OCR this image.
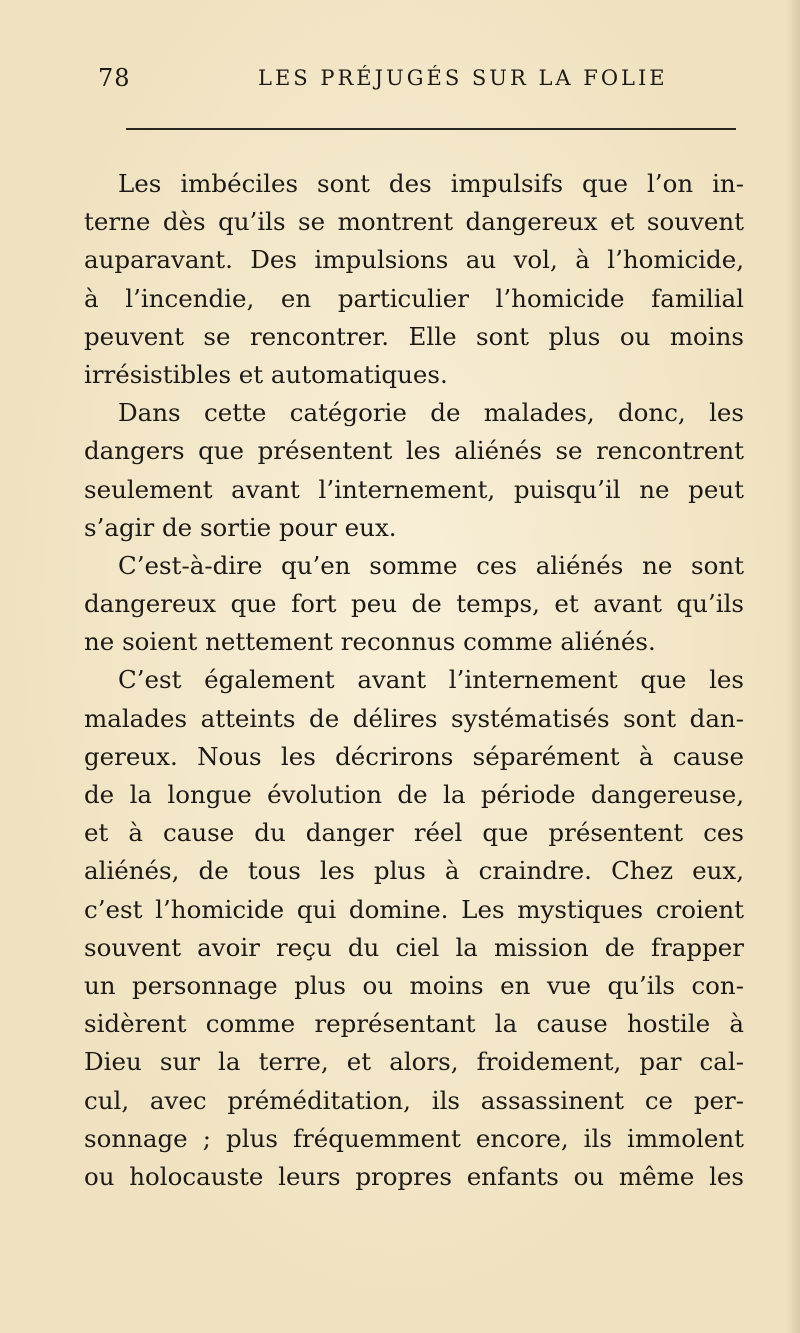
78	LES PRÉJUGÉS SUR LA FOLIE
Les imbéciles sont des impulsifs que l’on in-
terne dès qu’ils se montrent dangereux et souvent
auparavant. Des impulsions au vol, à l’homicide,
à l’incendie, en particulier l’homicide familial
peuvent se rencontrer. Elle sont plus ou moins
irrésistibles et automatiques.
Dans cette catégorie de malades, donc, les
dangers que présentent les aliénés se rencontrent
seulement avant l’internement, puisqu’il ne peut
s’agir de sortie pour eux.
C’est-à-dire qu’en somme ces aliénés ne sont
dangereux que fort peu de temps, et avant qu’ils
ne soient nettement reconnus comme aliénés.
C’est également avant l’internement que les
malades atteints de délires systématisés sont dan-
gereux. Nous les décrirons séparément à cause
de la longue évolution de la période dangereuse,
et à cause du danger réel que présentent ces
aliénés, de tous les plus à craindre. Chez eux,
c’est l’homicide qui domine. Les mystiques croient
souvent avoir reçu du ciel la mission de frapper
un personnage plus ou moins en vue qu’ils con-
sidèrent comme représentant la cause hostile à
Dieu sur la terre, et alors, froidement, par cal-
cul, avec préméditation, ils assassinent ce per-
sonnage ; plus fréquemment encore, ils immolent
ou holocauste leurs propres enfants ou même les
